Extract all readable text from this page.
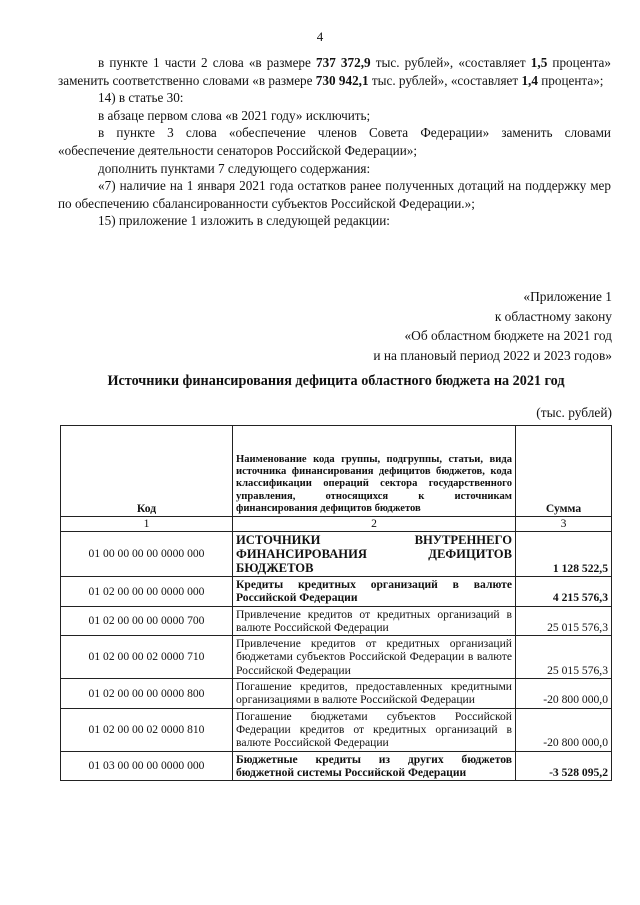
4

в пункте 1 части 2 слова «в размере 737 372,9 тыс. рублей», «составляет 1,5 процента» заменить соответственно словами «в размере 730 942,1 тыс. рублей», «составляет 1,4 процента»;

14) в статье 30:

в абзаце первом слова «в 2021 году» исключить;

в пункте 3 слова «обеспечение членов Совета Федерации» заменить словами «обеспечение деятельности сенаторов Российской Федерации»;

дополнить пунктами 7 следующего содержания:

«7) наличие на 1 января 2021 года остатков ранее полученных дотаций на поддержку мер по обеспечению сбалансированности субъектов Российской Федерации.»;

15) приложение 1 изложить в следующей редакции:

«Приложение 1
к областному закону
«Об областном бюджете на 2021 год
и на плановый период 2022 и 2023 годов»
Источники финансирования дефицита областного бюджета на 2021 год
(тыс. рублей)
Код	Наименование кода группы, подгруппы, статьи, вида источника финансирования дефицитов бюджетов, кода классификации операций сектора государственного управления, относящихся к источникам финансирования дефицитов бюджетов	Сумма
1	2	3
01 00 00 00 00 0000 000	ИСТОЧНИКИ ВНУТРЕННЕГО ФИНАНСИРОВАНИЯ ДЕФИЦИТОВ БЮДЖЕТОВ	1 128 522,5
01 02 00 00 00 0000 000	Кредиты кредитных организаций в валюте Российской Федерации	4 215 576,3
01 02 00 00 00 0000 700	Привлечение кредитов от кредитных организаций в валюте Российской Федерации	25 015 576,3
01 02 00 00 02 0000 710	Привлечение кредитов от кредитных организаций бюджетами субъектов Российской Федерации в валюте Российской Федерации	25 015 576,3
01 02 00 00 00 0000 800	Погашение кредитов, предоставленных кредитными организациями в валюте Российской Федерации	-20 800 000,0
01 02 00 00 02 0000 810	Погашение бюджетами субъектов Российской Федерации кредитов от кредитных организаций в валюте Российской Федерации	-20 800 000,0
01 03 00 00 00 0000 000	Бюджетные кредиты из других бюджетов бюджетной системы Российской Федерации	-3 528 095,2
